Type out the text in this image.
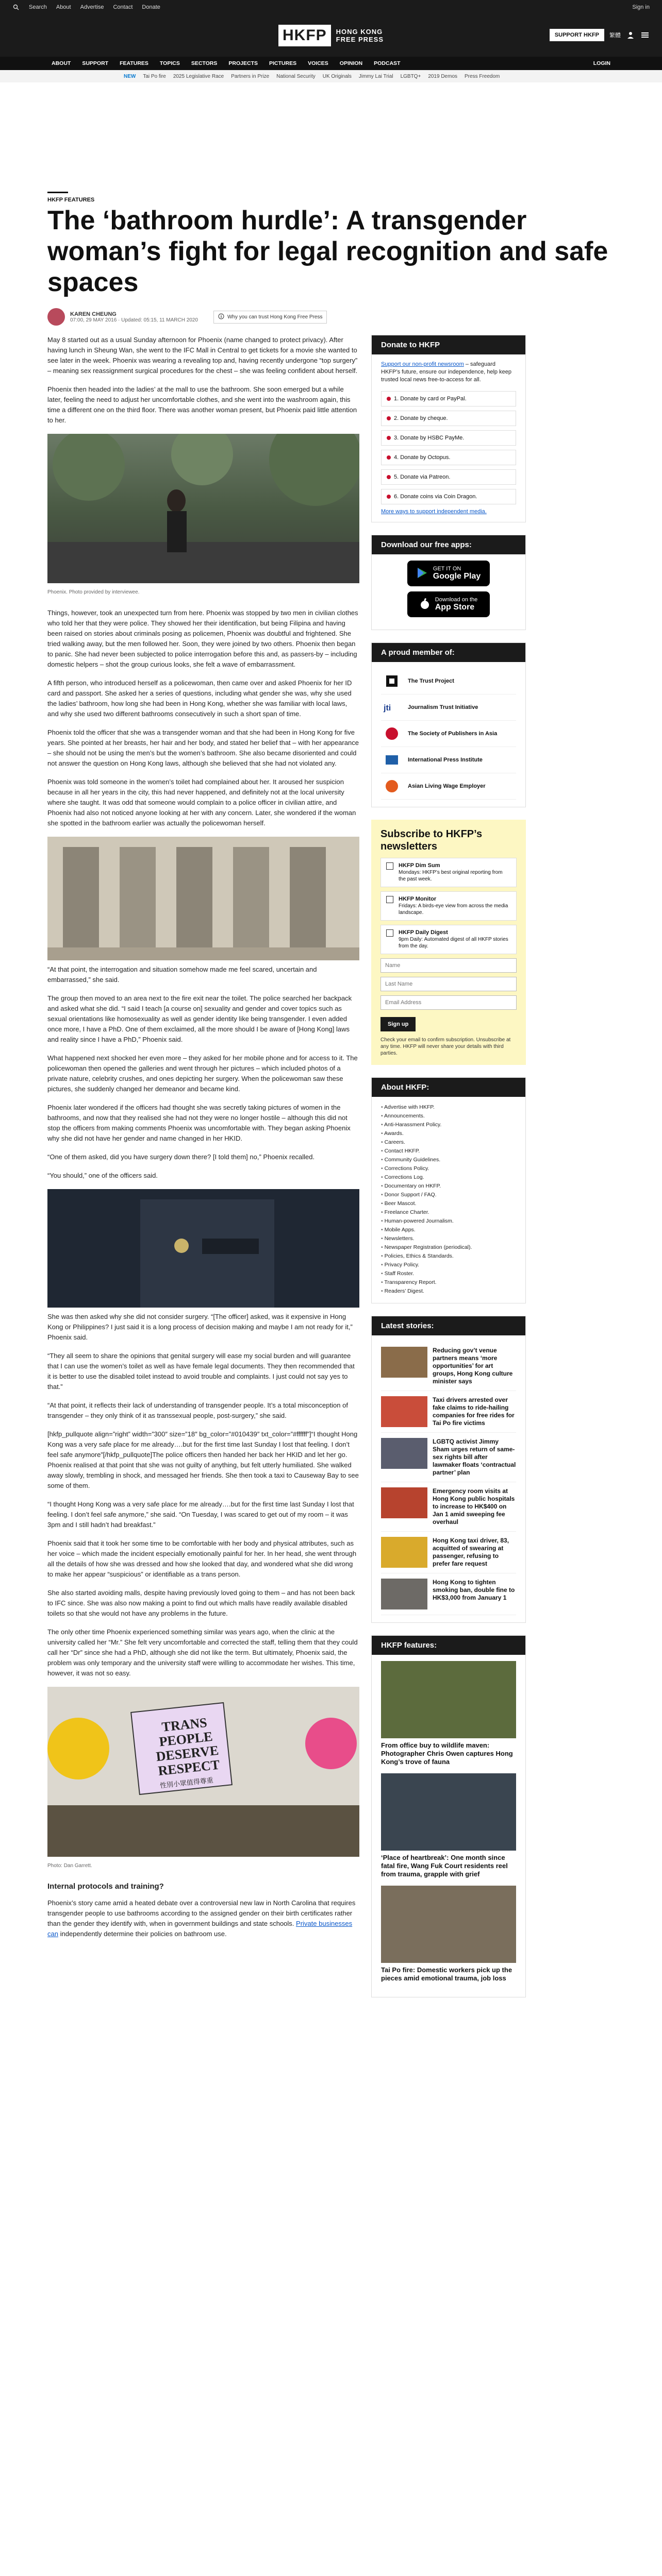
Search About Advertise Contact Donate	Sign in
HKFP	HONG KONG
FREE PRESS
SUPPORT HKFP	繁體
ABOUT SUPPORT FEATURES TOPICS SECTORS PROJECTS PICTURES VOICES OPINION PODCAST	LOGIN
NEW Tai Po fire 2025 Legislative Race Partners in Prize National Security UK Originals Jimmy Lai Trial LGBTQ+ 2019 Demos Press Freedom
HKFP FEATURES
The ‘bathroom hurdle’: A transgender woman’s fight for legal recognition and safe spaces
KAREN CHEUNG
07:00, 29 MAY 2016 · Updated: 05:15, 11 MARCH 2020
Why you can trust Hong Kong Free Press

May 8 started out as a usual Sunday afternoon for Phoenix (name changed to protect privacy). After having lunch in Sheung Wan, she went to the IFC Mall in Central to get tickets for a movie she wanted to see later in the week. Phoenix was wearing a revealing top and, having recently undergone “top surgery” – meaning sex reassignment surgical procedures for the chest – she was feeling confident about herself.

Phoenix then headed into the ladies’ at the mall to use the bathroom. She soon emerged but a while later, feeling the need to adjust her uncomfortable clothes, and she went into the washroom again, this time a different one on the third floor. There was another woman present, but Phoenix paid little attention to her.

Phoenix. Photo provided by interviewee.

Things, however, took an unexpected turn from here. Phoenix was stopped by two men in civilian clothes who told her that they were police. They showed her their identification, but being Filipina and having been raised on stories about criminals posing as policemen, Phoenix was doubtful and frightened. She tried walking away, but the men followed her. Soon, they were joined by two others. Phoenix then began to panic. She had never been subjected to police interrogation before this and, as passers-by – including domestic helpers – shot the group curious looks, she felt a wave of embarrassment.

A fifth person, who introduced herself as a policewoman, then came over and asked Phoenix for her ID card and passport. She asked her a series of questions, including what gender she was, why she used the ladies’ bathroom, how long she had been in Hong Kong, whether she was familiar with local laws, and why she used two different bathrooms consecutively in such a short span of time.

Phoenix told the officer that she was a transgender woman and that she had been in Hong Kong for five years. She pointed at her breasts, her hair and her body, and stated her belief that – with her appearance – she should not be using the men’s but the women’s bathroom. She also became disoriented and could not answer the question on Hong Kong laws, although she believed that she had not violated any.

Phoenix was told someone in the women’s toilet had complained about her. It aroused her suspicion because in all her years in the city, this had never happened, and definitely not at the local university where she taught. It was odd that someone would complain to a police officer in civilian attire, and Phoenix had also not noticed anyone looking at her with any concern. Later, she wondered if the woman she spotted in the bathroom earlier was actually the policewoman herself.

“At that point, the interrogation and situation somehow made me feel scared, uncertain and embarrassed,” she said.

The group then moved to an area next to the fire exit near the toilet. The police searched her backpack and asked what she did. “I said I teach [a course on] sexuality and gender and cover topics such as sexual orientations like homosexuality as well as gender identity like being transgender. I even added once more, I have a PhD. One of them exclaimed, all the more should I be aware of [Hong Kong] laws and reality since I have a PhD,” Phoenix said.

What happened next shocked her even more – they asked for her mobile phone and for access to it. The policewoman then opened the galleries and went through her pictures – which included photos of a private nature, celebrity crushes, and ones depicting her surgery. When the policewoman saw these pictures, she suddenly changed her demeanor and became kind.

Phoenix later wondered if the officers had thought she was secretly taking pictures of women in the bathrooms, and now that they realised she had not they were no longer hostile – although this did not stop the officers from making comments Phoenix was uncomfortable with. They began asking Phoenix why she did not have her gender and name changed in her HKID.

“One of them asked, did you have surgery down there? [I told them] no,” Phoenix recalled.

“You should,” one of the officers said.

She was then asked why she did not consider surgery. “[The officer] asked, was it expensive in Hong Kong or Philippines? I just said it is a long process of decision making and maybe I am not ready for it,” Phoenix said.

“They all seem to share the opinions that genital surgery will ease my social burden and will guarantee that I can use the women’s toilet as well as have female legal documents. They then recommended that it is better to use the disabled toilet instead to avoid trouble and complaints. I just could not say yes to that.”

“At that point, it reflects their lack of understanding of transgender people. It’s a total misconception of transgender – they only think of it as transsexual people, post-surgery,” she said.

[hkfp_pullquote align=”right” width=”300″ size=”18″ bg_color=”#010439″ txt_color=”#ffffff”]“I thought Hong Kong was a very safe place for me already….but for the first time last Sunday I lost that feeling. I don’t feel safe anymore”[/hkfp_pullquote]The police officers then handed her back her HKID and let her go. Phoenix realised at that point that she was not guilty of anything, but felt utterly humiliated. She walked away slowly, trembling in shock, and messaged her friends. She then took a taxi to Causeway Bay to see some of them.

“I thought Hong Kong was a very safe place for me already….but for the first time last Sunday I lost that feeling. I don’t feel safe anymore,” she said. “On Tuesday, I was scared to get out of my room – it was 3pm and I still hadn’t had breakfast.”

Phoenix said that it took her some time to be comfortable with her body and physical attributes, such as her voice – which made the incident especially emotionally painful for her. In her head, she went through all the details of how she was dressed and how she looked that day, and wondered what she did wrong to make her appear “suspicious” or identifiable as a trans person.

She also started avoiding malls, despite having previously loved going to them – and has not been back to IFC since. She was also now making a point to find out which malls have readily available disabled toilets so that she would not have any problems in the future.

The only other time Phoenix experienced something similar was years ago, when the clinic at the university called her “Mr.” She felt very uncomfortable and corrected the staff, telling them that they could call her “Dr” since she had a PhD, although she did not like the term. But ultimately, Phoenix said, the problem was only temporary and the university staff were willing to accommodate her wishes. This time, however, it was not so easy.

TRANS PEOPLE DESERVE RESPECT
性別小眾值得尊重
Photo: Dan Garrett.
Internal protocols and training?

Phoenix’s story came amid a heated debate over a controversial new law in North Carolina that requires transgender people to use bathrooms according to the assigned gender on their birth certificates rather than the gender they identify with, when in government buildings and state schools. Private businesses can independently determine their policies on bathroom use.

Donate to HKFP
Support our non-profit newsroom – safeguard HKFP’s future, ensure our independence, help keep trusted local news free-to-access for all.
1. Donate by card or PayPal.
2. Donate by cheque.
3. Donate by HSBC PayMe.
4. Donate by Octopus.
5. Donate via Patreon.
6. Donate coins via Coin Dragon.
More ways to support independent media.
Download our free apps:
GET IT ON
Google Play
Download on the
App Store
A proud member of:
The Trust Project
jti	Journalism Trust Initiative
The Society of Publishers in Asia
International Press Institute
Asian Living Wage Employer
Subscribe to HKFP’s newsletters
HKFP Dim Sum
Mondays: HKFP’s best original reporting from the past week.
HKFP Monitor
Fridays: A birds-eye view from across the media landscape.
HKFP Daily Digest
9pm Daily: Automated digest of all HKFP stories from the day.
Name Last Name Email Address Sign up
Check your email to confirm subscription. Unsubscribe at any time. HKFP will never share your details with third parties.
About HKFP:
• Advertise with HKFP.
• Announcements.
• Anti-Harassment Policy.
• Awards.
• Careers.
• Contact HKFP.
• Community Guidelines.
• Corrections Policy.
• Corrections Log.
• Documentary on HKFP.
• Donor Support / FAQ.
• Beer Mascot.
• Freelance Charter.
• Human-powered Journalism.
• Mobile Apps.
• Newsletters.
• Newspaper Registration (periodical).
• Policies, Ethics & Standards.
• Privacy Policy.
• Staff Roster.
• Transparency Report.
• Readers’ Digest.
Latest stories:
Reducing gov’t venue partners means ‘more opportunities’ for art groups, Hong Kong culture minister says
Taxi drivers arrested over fake claims to ride-hailing companies for free rides for Tai Po fire victims
LGBTQ activist Jimmy Sham urges return of same-sex rights bill after lawmaker floats ‘contractual partner’ plan
Emergency room visits at Hong Kong public hospitals to increase to HK$400 on Jan 1 amid sweeping fee overhaul
Hong Kong taxi driver, 83, acquitted of swearing at passenger, refusing to prefer fare request
Hong Kong to tighten smoking ban, double fine to HK$3,000 from January 1
HKFP features:
From office buy to wildlife maven: Photographer Chris Owen captures Hong Kong’s trove of fauna
‘Place of heartbreak’: One month since fatal fire, Wang Fuk Court residents reel from trauma, grapple with grief
Tai Po fire: Domestic workers pick up the pieces amid emotional trauma, job loss
